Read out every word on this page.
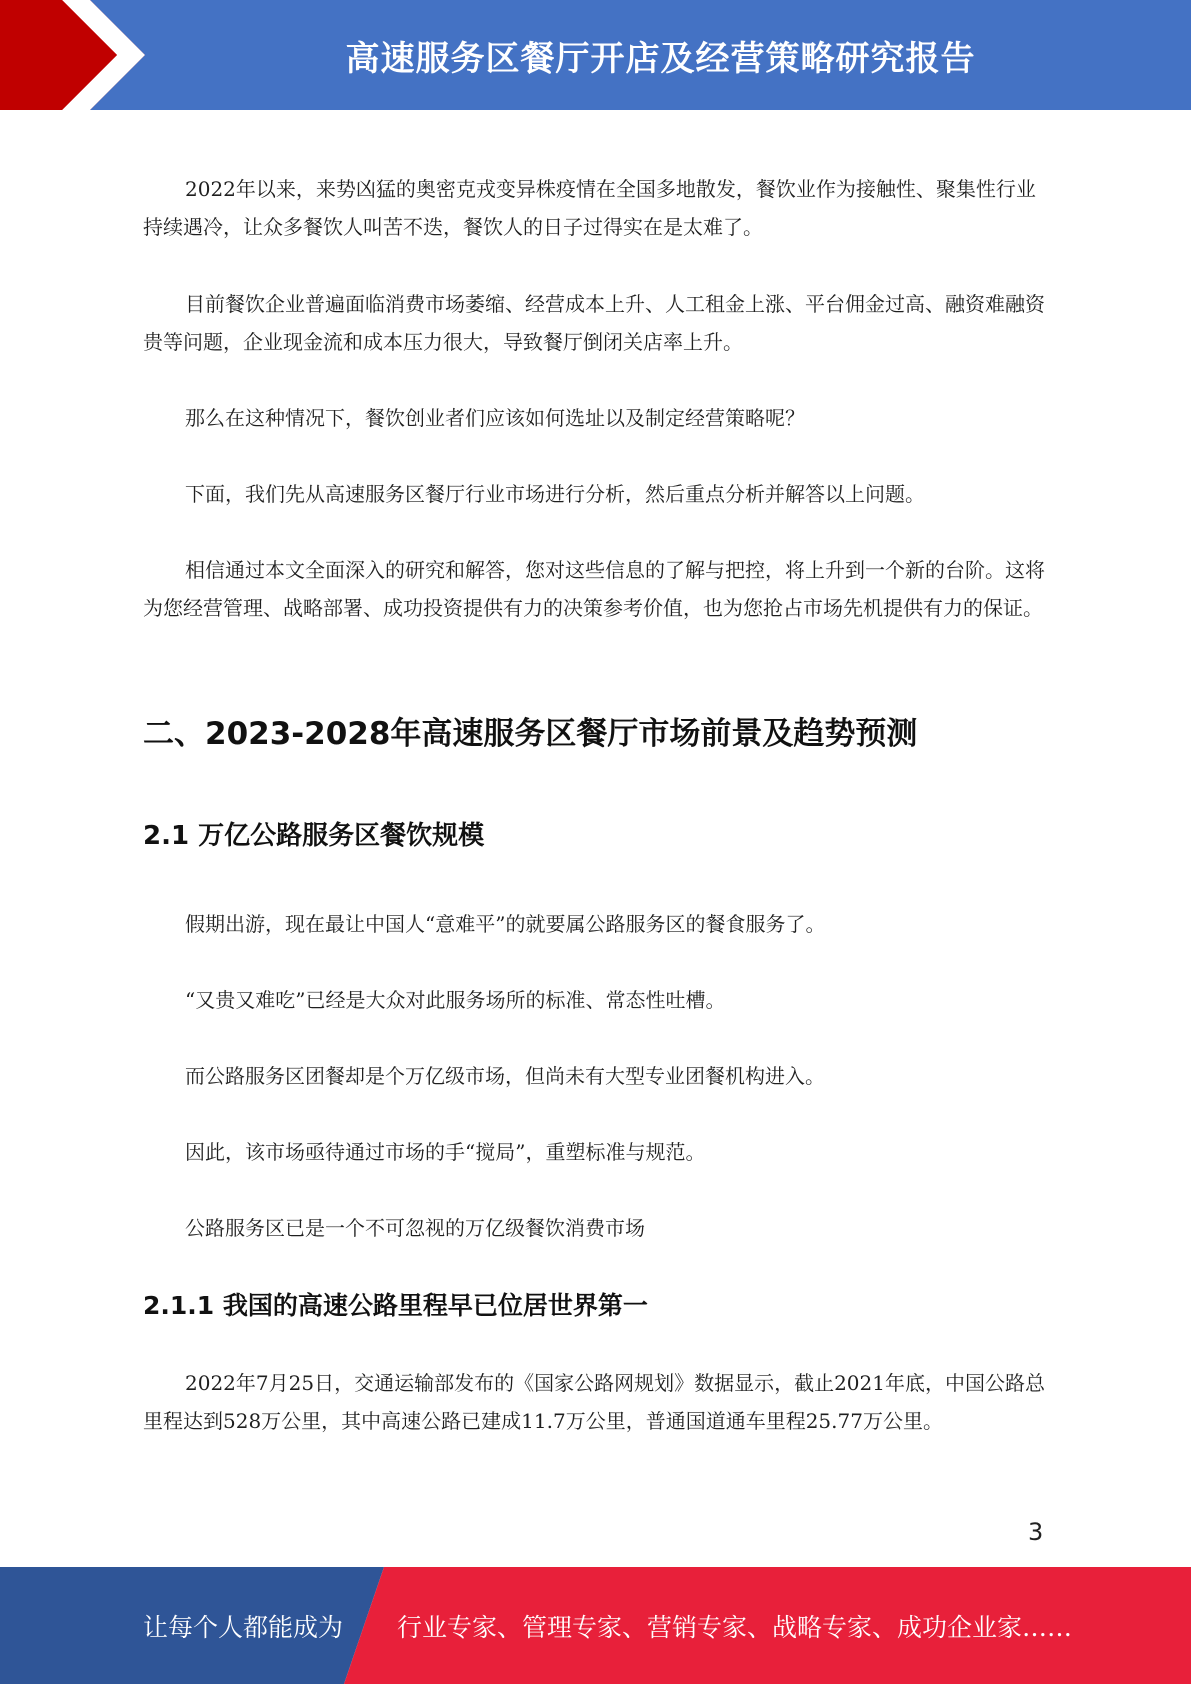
高速服务区餐厅开店及经营策略研究报告

2022年以来，来势凶猛的奥密克戎变异株疫情在全国多地散发，餐饮业作为接触性、聚集性行业持续遇冷，让众多餐饮人叫苦不迭，餐饮人的日子过得实在是太难了。

目前餐饮企业普遍面临消费市场萎缩、经营成本上升、人工租金上涨、平台佣金过高、融资难融资贵等问题，企业现金流和成本压力很大，导致餐厅倒闭关店率上升。

那么在这种情况下，餐饮创业者们应该如何选址以及制定经营策略呢？

下面，我们先从高速服务区餐厅行业市场进行分析，然后重点分析并解答以上问题。

相信通过本文全面深入的研究和解答，您对这些信息的了解与把控，将上升到一个新的台阶。这将为您经营管理、战略部署、成功投资提供有力的决策参考价值，也为您抢占市场先机提供有力的保证。

二、2023-2028年高速服务区餐厅市场前景及趋势预测
2.1 万亿公路服务区餐饮规模

假期出游，现在最让中国人“意难平”的就要属公路服务区的餐食服务了。

“又贵又难吃”已经是大众对此服务场所的标准、常态性吐槽。

而公路服务区团餐却是个万亿级市场，但尚未有大型专业团餐机构进入。

因此，该市场亟待通过市场的手“搅局”，重塑标准与规范。

公路服务区已是一个不可忽视的万亿级餐饮消费市场

2.1.1 我国的高速公路里程早已位居世界第一

2022年7月25日，交通运输部发布的《国家公路网规划》数据显示，截止2021年底，中国公路总里程达到528万公里，其中高速公路已建成11.7万公里，普通国道通车里程25.77万公里。

3
让每个人都能成为 行业专家、管理专家、营销专家、战略专家、成功企业家……
